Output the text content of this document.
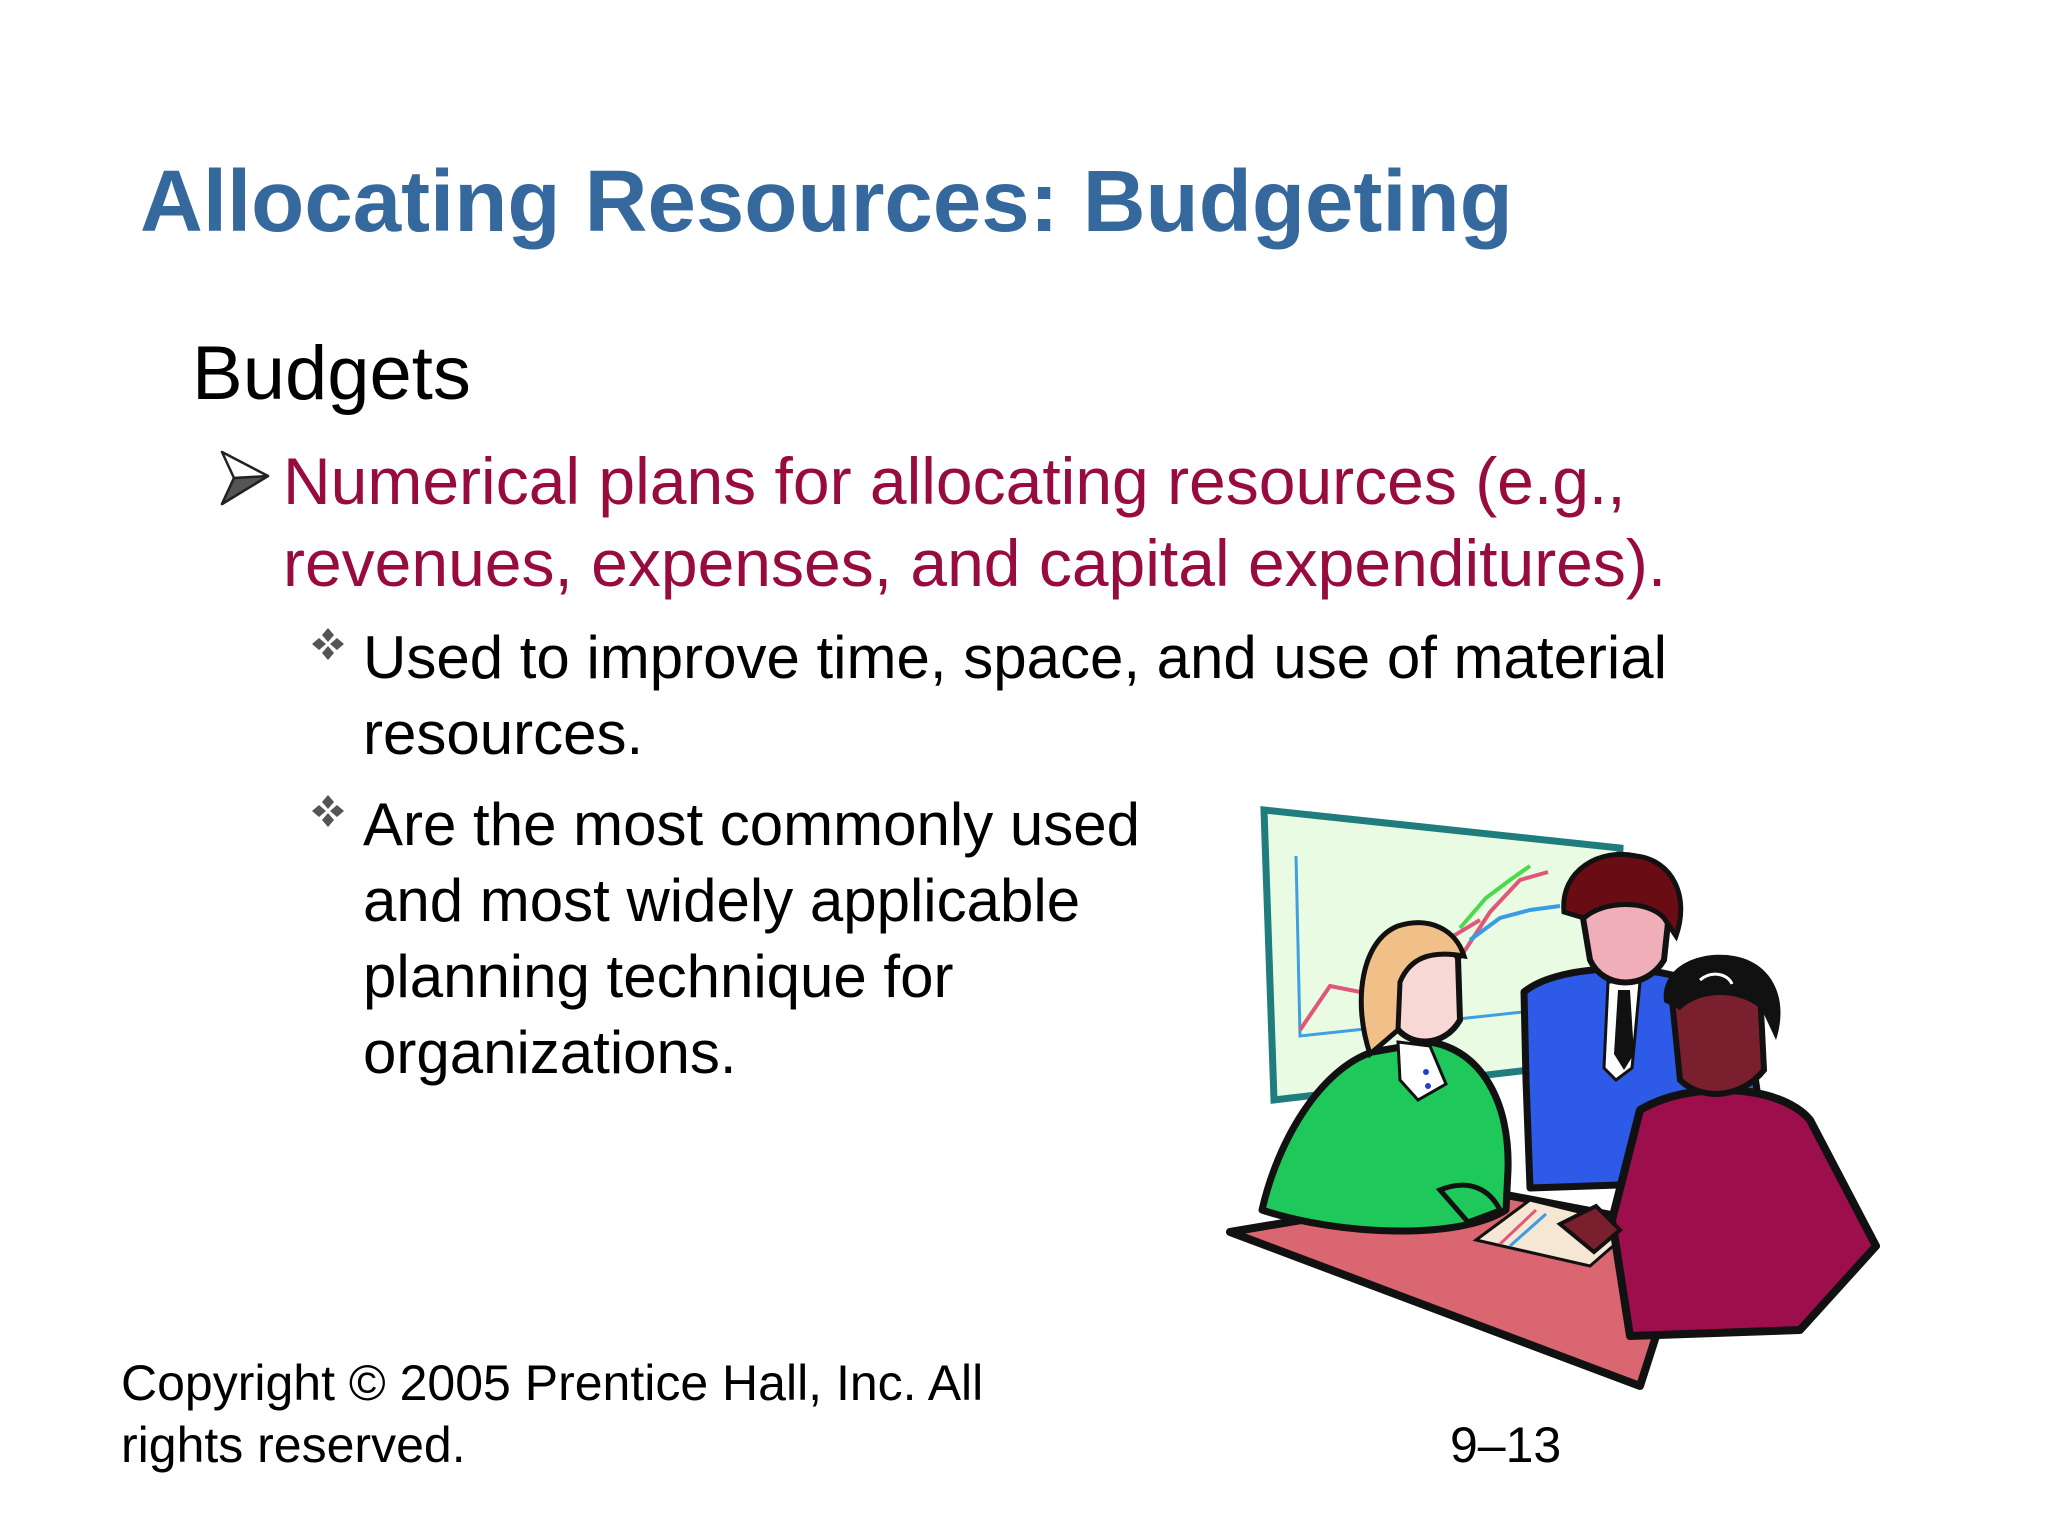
Allocating Resources: Budgeting
Budgets
Numerical plans for allocating resources (e.g., revenues, expenses, and capital expenditures).
Used to improve time, space, and use of material resources.
Are the most commonly used and most widely applicable planning technique for organizations.
Copyright © 2005 Prentice Hall, Inc. All rights reserved.	9–13
